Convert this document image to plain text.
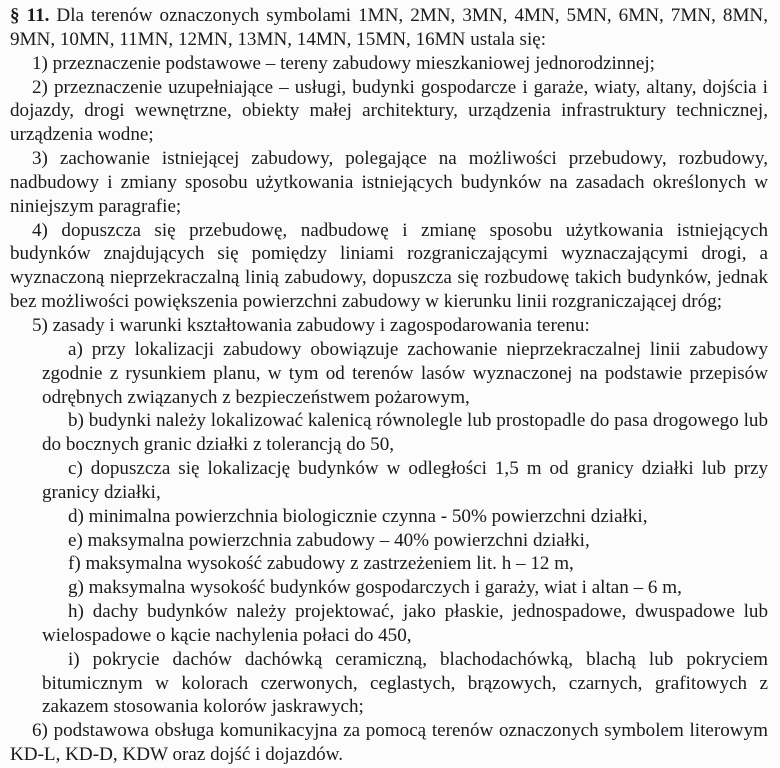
§ 11. Dla terenów oznaczonych symbolami 1MN, 2MN, 3MN, 4MN, 5MN, 6MN, 7MN, 8MN, 9MN, 10MN, 11MN, 12MN, 13MN, 14MN, 15MN, 16MN ustala się:

1) przeznaczenie podstawowe – tereny zabudowy mieszkaniowej jednorodzinnej;

2) przeznaczenie uzupełniające – usługi, budynki gospodarcze i garaże, wiaty, altany, dojścia i dojazdy, drogi wewnętrzne, obiekty małej architektury, urządzenia infrastruktury technicznej, urządzenia wodne;

3) zachowanie istniejącej zabudowy, polegające na możliwości przebudowy, rozbudowy, nadbudowy i zmiany sposobu użytkowania istniejących budynków na zasadach określonych w niniejszym paragrafie;

4) dopuszcza się przebudowę, nadbudowę i zmianę sposobu użytkowania istniejących budynków znajdujących się pomiędzy liniami rozgraniczającymi wyznaczającymi drogi, a wyznaczoną nieprzekraczalną linią zabudowy, dopuszcza się rozbudowę takich budynków, jednak bez możliwości powiększenia powierzchni zabudowy w kierunku linii rozgraniczającej dróg;

5) zasady i warunki kształtowania zabudowy i zagospodarowania terenu:

a) przy lokalizacji zabudowy obowiązuje zachowanie nieprzekraczalnej linii zabudowy zgodnie z rysunkiem planu, w tym od terenów lasów wyznaczonej na podstawie przepisów odrębnych związanych z bezpieczeństwem pożarowym,

b) budynki należy lokalizować kalenicą równolegle lub prostopadle do pasa drogowego lub do bocznych granic działki z tolerancją do 50,

c) dopuszcza się lokalizację budynków w odległości 1,5 m od granicy działki lub przy granicy działki,

d) minimalna powierzchnia biologicznie czynna - 50% powierzchni działki,

e) maksymalna powierzchnia zabudowy – 40% powierzchni działki,

f) maksymalna wysokość zabudowy z zastrzeżeniem lit. h – 12 m,

g) maksymalna wysokość budynków gospodarczych i garaży, wiat i altan – 6 m,

h) dachy budynków należy projektować, jako płaskie, jednospadowe, dwuspadowe lub wielospadowe o kącie nachylenia połaci do 450,

i) pokrycie dachów dachówką ceramiczną, blachodachówką, blachą lub pokryciem bitumicznym w kolorach czerwonych, ceglastych, brązowych, czarnych, grafitowych z zakazem stosowania kolorów jaskrawych;

6) podstawowa obsługa komunikacyjna za pomocą terenów oznaczonych symbolem literowym KD-L, KD-D, KDW oraz dojść i dojazdów.
